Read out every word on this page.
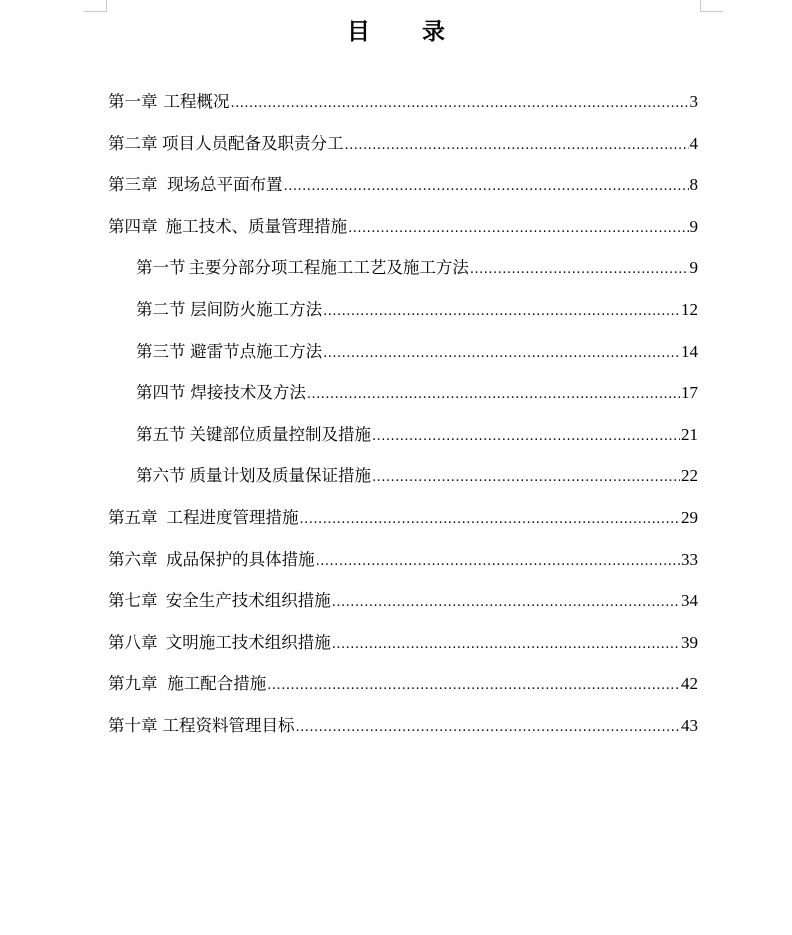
目 录
第一章 工程概况 .....	3
第二章 项目人员配备及职责分工 .....	4
第三章 现场总平面布置 .....	8
第四章 施工技术、质量管理措施 .....	9
第一节 主要分部分项工程施工工艺及施工方法 .....	9
第二节 层间防火施工方法 .....	12
第三节 避雷节点施工方法 .....	14
第四节 焊接技术及方法 .....	17
第五节 关键部位质量控制及措施 .....	21
第六节 质量计划及质量保证措施 .....	22
第五章 工程进度管理措施 .....	29
第六章 成品保护的具体措施 .....	33
第七章 安全生产技术组织措施 .....	34
第八章 文明施工技术组织措施 .....	39
第九章 施工配合措施 .....	42
第十章 工程资料管理目标 .....	43
